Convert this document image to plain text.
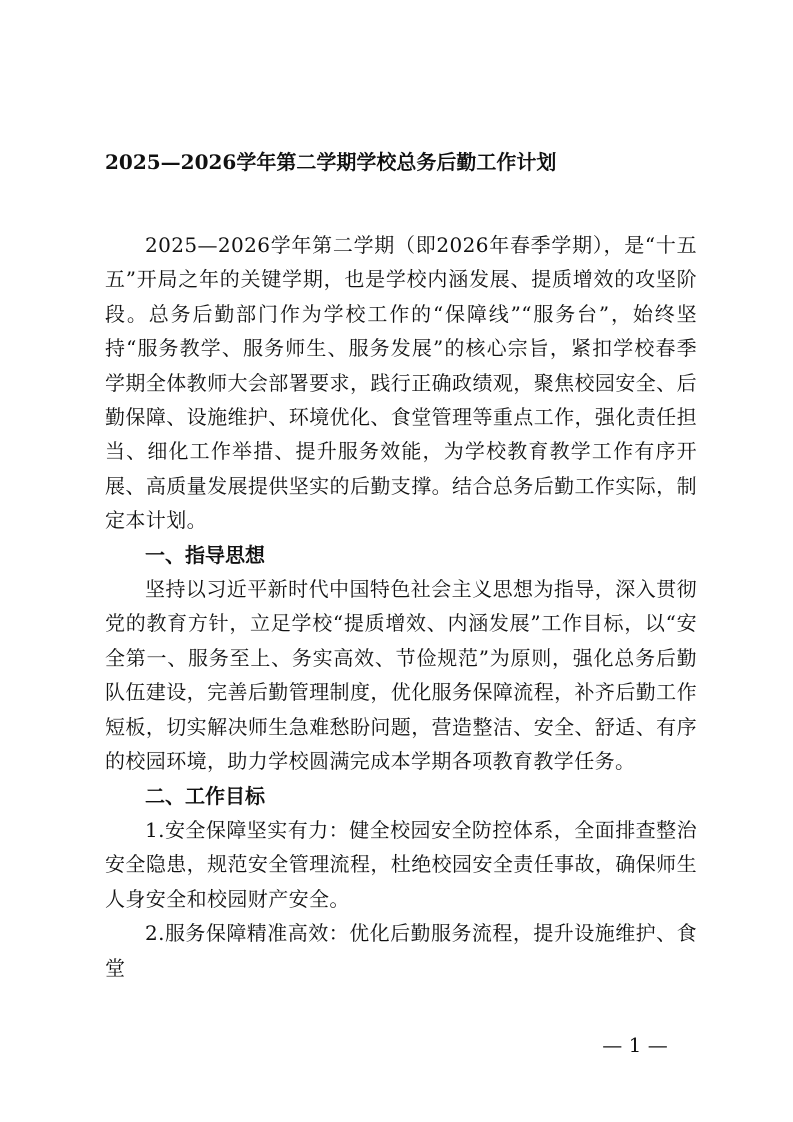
2025—2026学年第二学期学校总务后勤工作计划

2025—2026学年第二学期（即2026年春季学期），是“十五五”开局之年的关键学期，也是学校内涵发展、提质增效的攻坚阶段。总务后勤部门作为学校工作的“保障线”“服务台”，始终坚持“服务教学、服务师生、服务发展”的核心宗旨，紧扣学校春季学期全体教师大会部署要求，践行正确政绩观，聚焦校园安全、后勤保障、设施维护、环境优化、食堂管理等重点工作，强化责任担当、细化工作举措、提升服务效能，为学校教育教学工作有序开展、高质量发展提供坚实的后勤支撑。结合总务后勤工作实际，制定本计划。

一、指导思想

坚持以习近平新时代中国特色社会主义思想为指导，深入贯彻党的教育方针，立足学校“提质增效、内涵发展”工作目标，以“安全第一、服务至上、务实高效、节俭规范”为原则，强化总务后勤队伍建设，完善后勤管理制度，优化服务保障流程，补齐后勤工作短板，切实解决师生急难愁盼问题，营造整洁、安全、舒适、有序的校园环境，助力学校圆满完成本学期各项教育教学任务。

二、工作目标

1.安全保障坚实有力：健全校园安全防控体系，全面排查整治安全隐患，规范安全管理流程，杜绝校园安全责任事故，确保师生人身安全和校园财产安全。

2.服务保障精准高效：优化后勤服务流程，提升设施维护、食堂

— 1 —
